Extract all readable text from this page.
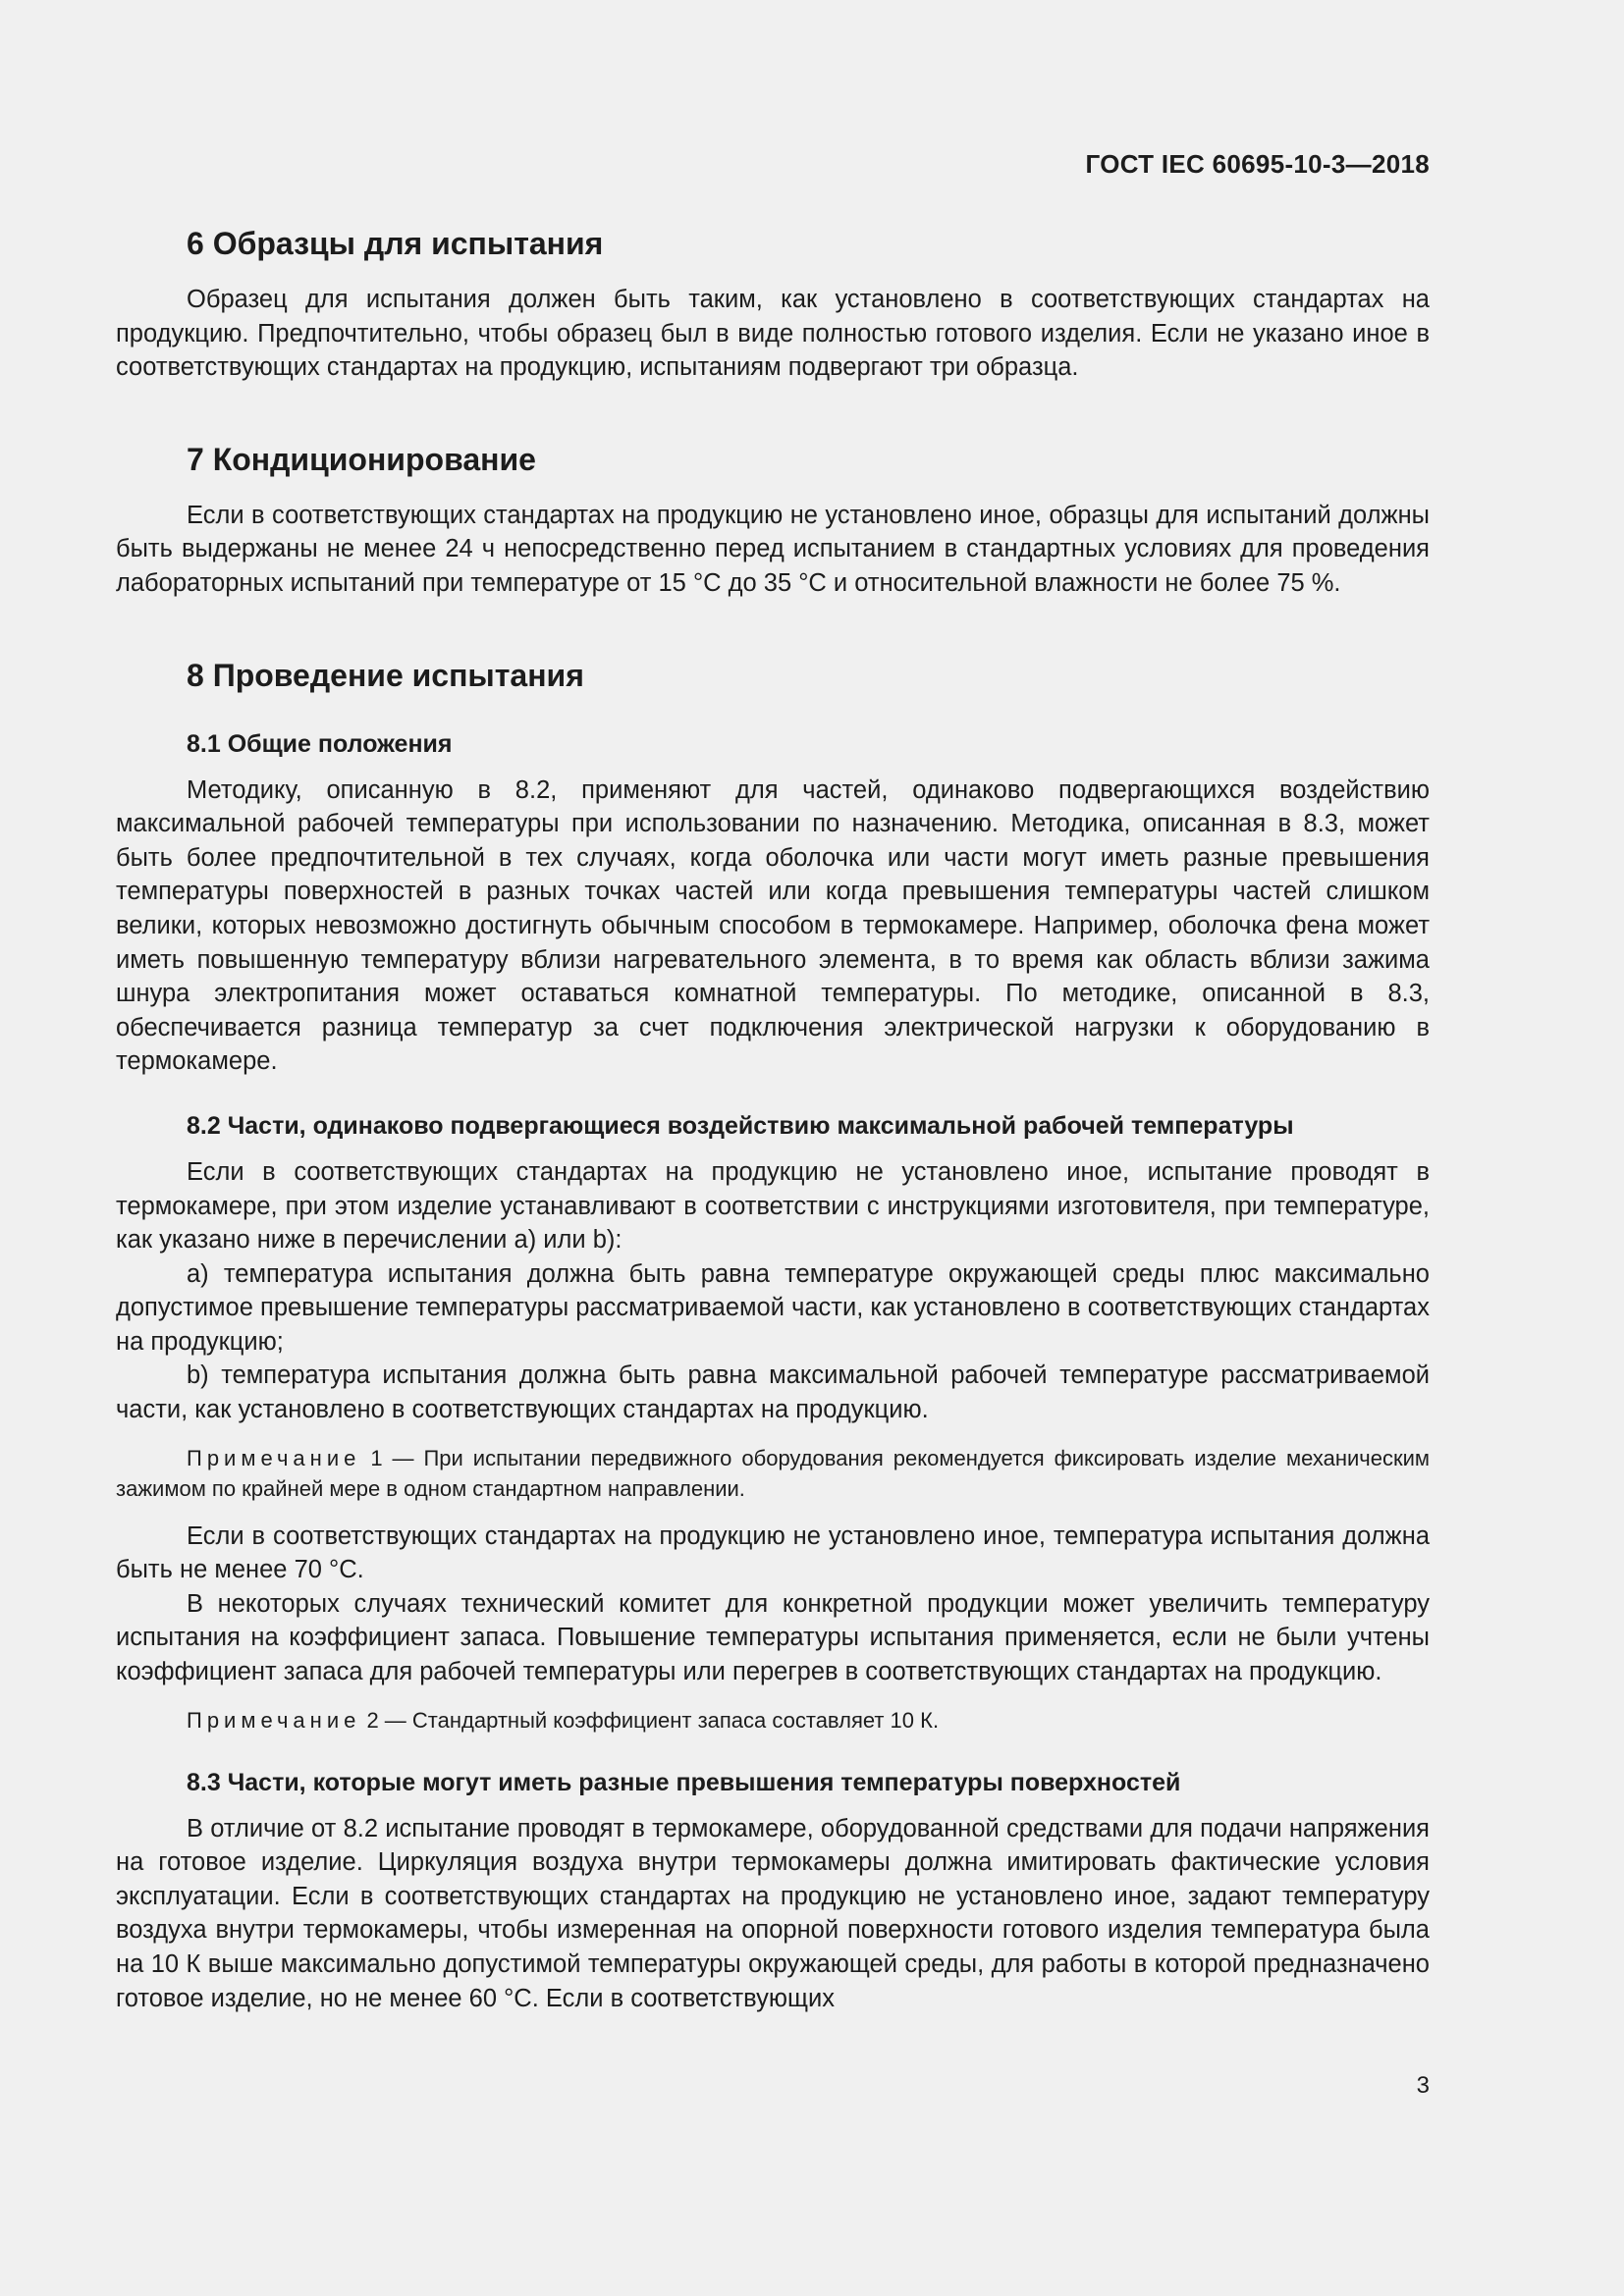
ГОСТ IEC 60695-10-3—2018
6 Образцы для испытания

Образец для испытания должен быть таким, как установлено в соответствующих стандартах на продукцию. Предпочтительно, чтобы образец был в виде полностью готового изделия. Если не указано иное в соответствующих стандартах на продукцию, испытаниям подвергают три образца.

7 Кондиционирование

Если в соответствующих стандартах на продукцию не установлено иное, образцы для испытаний должны быть выдержаны не менее 24 ч непосредственно перед испытанием в стандартных условиях для проведения лабораторных испытаний при температуре от 15 °С до 35 °С и относительной влажности не более 75 %.

8 Проведение испытания
8.1 Общие положения

Методику, описанную в 8.2, применяют для частей, одинаково подвергающихся воздействию максимальной рабочей температуры при использовании по назначению. Методика, описанная в 8.3, может быть более предпочтительной в тех случаях, когда оболочка или части могут иметь разные превышения температуры поверхностей в разных точках частей или когда превышения температуры частей слишком велики, которых невозможно достигнуть обычным способом в термокамере. Например, оболочка фена может иметь повышенную температуру вблизи нагревательного элемента, в то время как область вблизи зажима шнура электропитания может оставаться комнатной температуры. По методике, описанной в 8.3, обеспечивается разница температур за счет подключения электрической нагрузки к оборудованию в термокамере.

8.2 Части, одинаково подвергающиеся воздействию максимальной рабочей температуры

Если в соответствующих стандартах на продукцию не установлено иное, испытание проводят в термокамере, при этом изделие устанавливают в соответствии с инструкциями изготовителя, при температуре, как указано ниже в перечислении а) или b):

а) температура испытания должна быть равна температуре окружающей среды плюс максимально допустимое превышение температуры рассматриваемой части, как установлено в соответствующих стандартах на продукцию;

b) температура испытания должна быть равна максимальной рабочей температуре рассматриваемой части, как установлено в соответствующих стандартах на продукцию.

Примечание 1 — При испытании передвижного оборудования рекомендуется фиксировать изделие механическим зажимом по крайней мере в одном стандартном направлении.

Если в соответствующих стандартах на продукцию не установлено иное, температура испытания должна быть не менее 70 °С.

В некоторых случаях технический комитет для конкретной продукции может увеличить температуру испытания на коэффициент запаса. Повышение температуры испытания применяется, если не были учтены коэффициент запаса для рабочей температуры или перегрев в соответствующих стандартах на продукцию.

Примечание 2 — Стандартный коэффициент запаса составляет 10 К.

8.3 Части, которые могут иметь разные превышения температуры поверхностей

В отличие от 8.2 испытание проводят в термокамере, оборудованной средствами для подачи напряжения на готовое изделие. Циркуляция воздуха внутри термокамеры должна имитировать фактические условия эксплуатации. Если в соответствующих стандартах на продукцию не установлено иное, задают температуру воздуха внутри термокамеры, чтобы измеренная на опорной поверхности готового изделия температура была на 10 К выше максимально допустимой температуры окружающей среды, для работы в которой предназначено готовое изделие, но не менее 60 °С. Если в соответствующих

3
